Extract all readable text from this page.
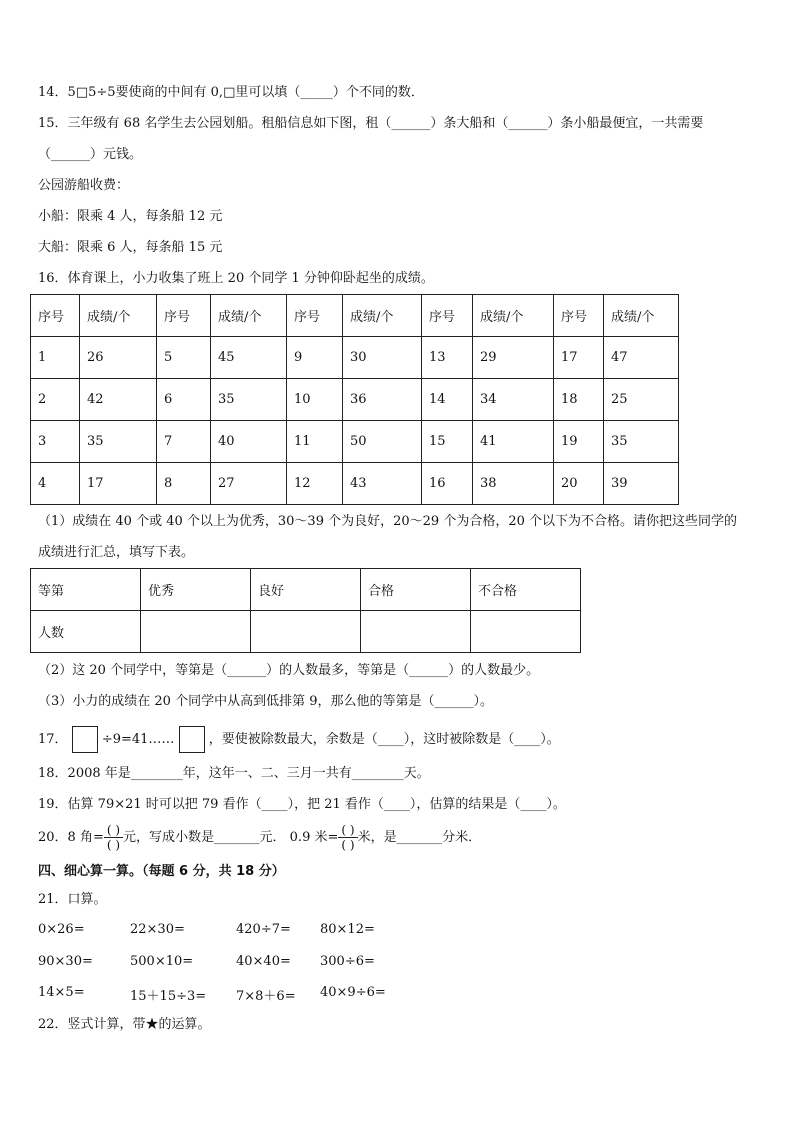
14．5□5÷5要使商的中间有 0,□里可以填（_____）个不同的数．
15．三年级有 68 名学生去公园划船。租船信息如下图，租（______）条大船和（______）条小船最便宜，一共需要
（______）元钱。
公园游船收费：
小船：限乘 4 人，每条船 12 元
大船：限乘 6 人，每条船 15 元
16．体育课上，小力收集了班上 20 个同学 1 分钟仰卧起坐的成绩。
序号	成绩/个	序号	成绩/个	序号	成绩/个	序号	成绩/个	序号	成绩/个
1	26	5	45	9	30	13	29	17	47
2	42	6	35	10	36	14	34	18	25
3	35	7	40	11	50	15	41	19	35
4	17	8	27	12	43	16	38	20	39
（1）成绩在 40 个或 40 个以上为优秀，30～39 个为良好，20～29 个为合格，20 个以下为不合格。请你把这些同学的
成绩进行汇总，填写下表。
等第	优秀	良好	合格	不合格
人数				
（2）这 20 个同学中，等第是（______）的人数最多，等第是（______）的人数最少。
（3）小力的成绩在 20 个同学中从高到低排第 9，那么他的等第是（______）。
17．	÷9=41……	，要使被除数最大，余数是（____），这时被除数是（____）。
18．2008 年是________年，这年一、二、三月一共有________天。
19．估算 79×21 时可以把 79 看作（____），把 21 看作（____），估算的结果是（____）。
20．8 角= $\frac{( )}{( )}$ 元，写成小数是_______元． 0.9 米= $\frac{( )}{( )}$ 米，是_______分米．
四、细心算一算。（每题 6 分，共 18 分）
21．口算。
0×26=	22×30=	420÷7= 80×12=
90×30=	500×10=	40×40= 300÷6=
14×5=	15＋15÷3= 7×8＋6= 40×9÷6=
22．竖式计算，带★的运算。
